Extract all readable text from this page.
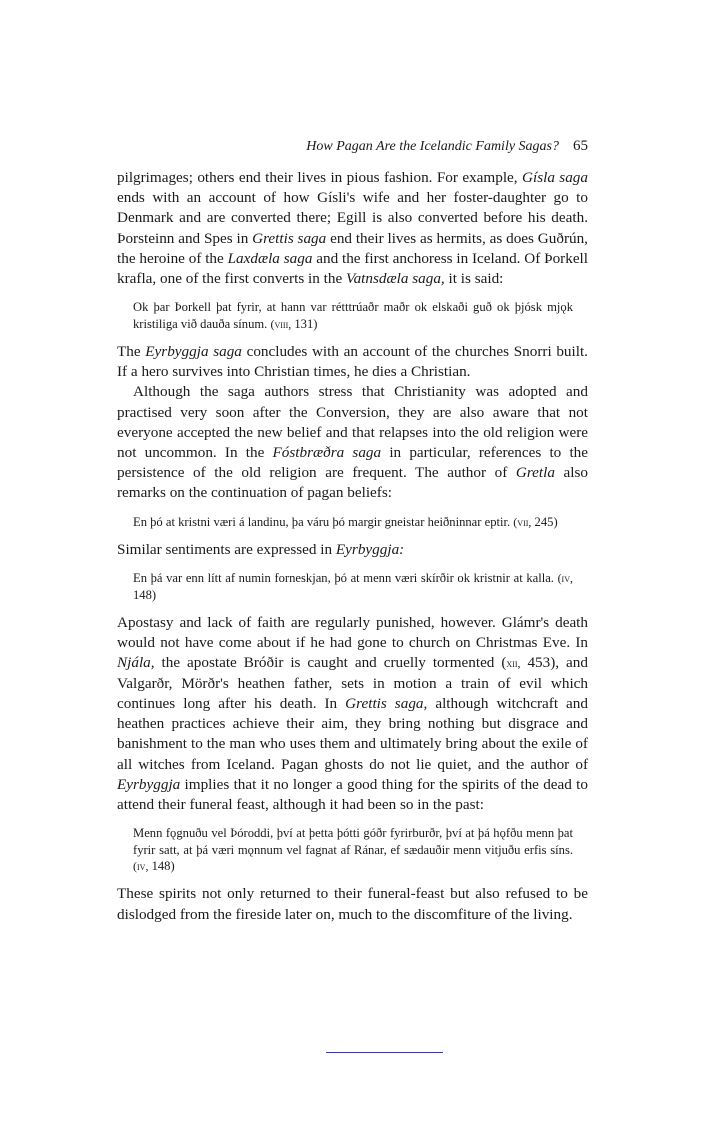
How Pagan Are the Icelandic Family Sagas? 65

pilgrimages; others end their lives in pious fashion. For example, Gísla saga ends with an account of how Gísli's wife and her foster-daughter go to Denmark and are converted there; Egill is also converted before his death. Þorsteinn and Spes in Grettis saga end their lives as hermits, as does Guðrún, the heroine of the Laxdæla saga and the first anchoress in Iceland. Of Þorkell krafla, one of the first converts in the Vatnsdæla saga, it is said:

Ok þar Þorkell þat fyrir, at hann var rétttrúaðr maðr ok elskaði guð ok þjósk mjǫk kristiliga við dauða sínum. (viii, 131)

The Eyrbyggja saga concludes with an account of the churches Snorri built. If a hero survives into Christian times, he dies a Christian.

Although the saga authors stress that Christianity was adopted and practised very soon after the Conversion, they are also aware that not everyone accepted the new belief and that relapses into the old religion were not uncommon. In the Fóstbræðra saga in particular, references to the persistence of the old religion are frequent. The author of Gretla also remarks on the continuation of pagan beliefs:

En þó at kristni væri á landinu, þa váru þó margir gneistar heiðninnar eptir. (vii, 245)

Similar sentiments are expressed in Eyrbyggja:

En þá var enn lítt af numin forneskjan, þó at menn væri skírðir ok kristnir at kalla. (iv, 148)

Apostasy and lack of faith are regularly punished, however. Glámr's death would not have come about if he had gone to church on Christmas Eve. In Njála, the apostate Bróðir is caught and cruelly tormented (xii, 453), and Valgarðr, Mörðr's heathen father, sets in motion a train of evil which continues long after his death. In Grettis saga, although witchcraft and heathen practices achieve their aim, they bring nothing but disgrace and banishment to the man who uses them and ultimately bring about the exile of all witches from Iceland. Pagan ghosts do not lie quiet, and the author of Eyrbyggja implies that it no longer a good thing for the spirits of the dead to attend their funeral feast, although it had been so in the past:

Menn fǫgnuðu vel Þóroddi, því at þetta þótti góðr fyrirburðr, því at þá hǫfðu menn þat fyrir satt, at þá væri mǫnnum vel fagnat af Ránar, ef sædauðir menn vitjuðu erfis síns. (iv, 148)

These spirits not only returned to their funeral-feast but also refused to be dislodged from the fireside later on, much to the discomfiture of the living.
